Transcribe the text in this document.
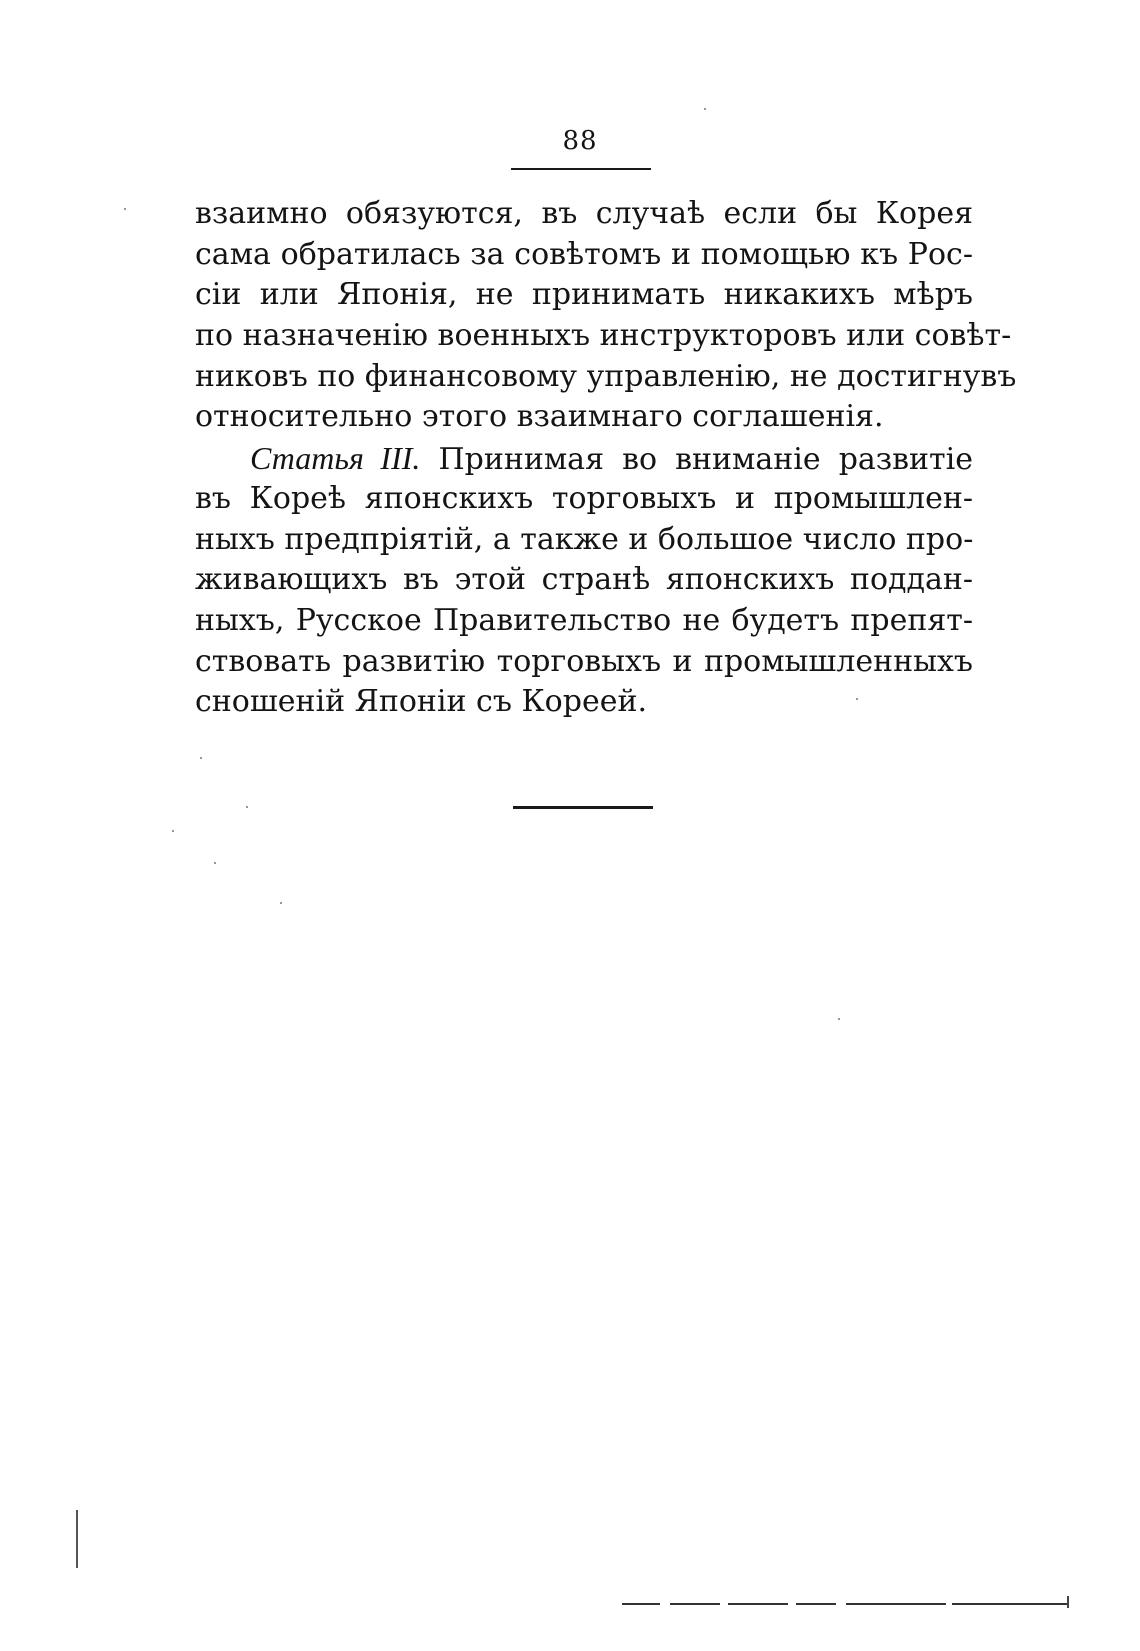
88
взаимно обязуются, въ случаѣ если бы Корея
сама обратилась за совѣтомъ и помощью къ Рос-
сіи или Японія, не принимать никакихъ мѣръ
по назначенію военныхъ инструкторовъ или совѣт-
никовъ по финансовому управленію, не достигнувъ
относительно этого взаимнаго соглашенія.
Статья III. Принимая во вниманіе развитіе
въ Кореѣ японскихъ торговыхъ и промышлен-
ныхъ предпріятій, а также и большое число про-
живающихъ въ этой странѣ японскихъ поддан-
ныхъ, Русское Правительство не будетъ препят-
ствовать развитію торговыхъ и промышленныхъ
сношеній Японіи съ Кореей.
